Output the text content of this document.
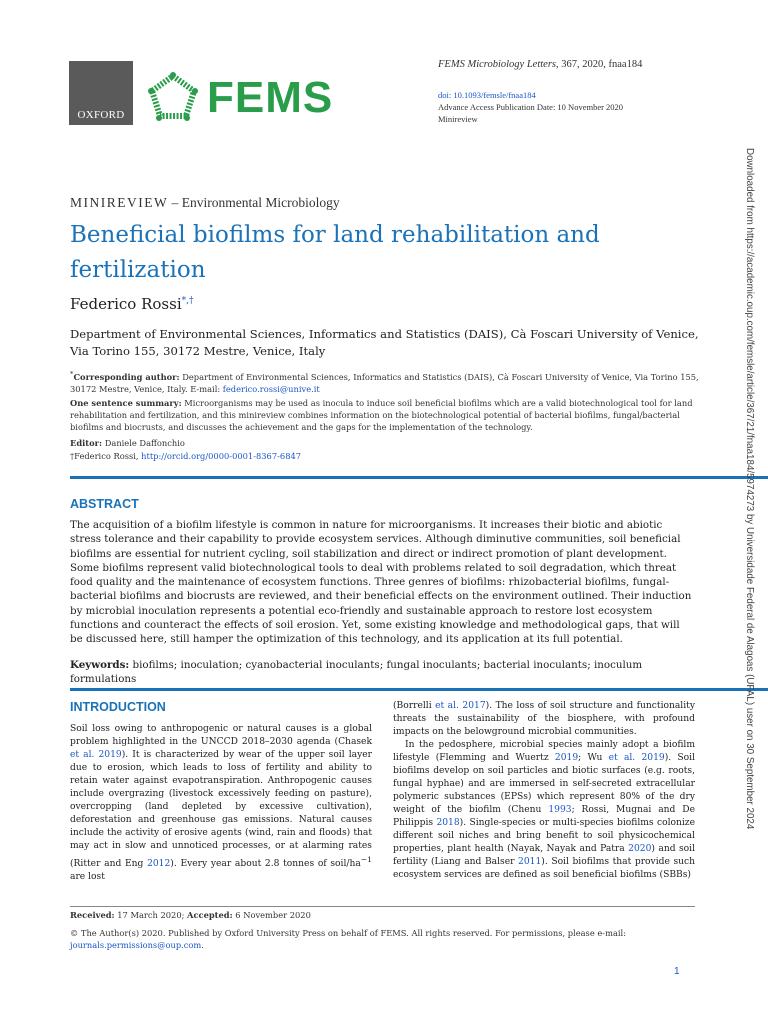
OXFORD FEMS
FEMS Microbiology Letters, 367, 2020, fnaa184
doi: 10.1093/femsle/fnaa184
Advance Access Publication Date: 10 November 2020
Minireview
MINIREVIEW – Environmental Microbiology
Beneficial biofilms for land rehabilitation and fertilization
Federico Rossi*,†
Department of Environmental Sciences, Informatics and Statistics (DAIS), Cà Foscari University of Venice, Via Torino 155, 30172 Mestre, Venice, Italy
*Corresponding author: Department of Environmental Sciences, Informatics and Statistics (DAIS), Cà Foscari University of Venice, Via Torino 155, 30172 Mestre, Venice, Italy. E-mail: federico.rossi@unive.it
One sentence summary: Microorganisms may be used as inocula to induce soil beneficial biofilms which are a valid biotechnological tool for land rehabilitation and fertilization, and this minireview combines information on the biotechnological potential of bacterial biofilms, fungal/bacterial biofilms and biocrusts, and discusses the achievement and the gaps for the implementation of the technology.
Editor: Daniele Daffonchio
†Federico Rossi, http://orcid.org/0000-0001-8367-6847
ABSTRACT
The acquisition of a biofilm lifestyle is common in nature for microorganisms. It increases their biotic and abiotic stress tolerance and their capability to provide ecosystem services. Although diminutive communities, soil beneficial biofilms are essential for nutrient cycling, soil stabilization and direct or indirect promotion of plant development. Some biofilms represent valid biotechnological tools to deal with problems related to soil degradation, which threat food quality and the maintenance of ecosystem functions. Three genres of biofilms: rhizobacterial biofilms, fungal-bacterial biofilms and biocrusts are reviewed, and their beneficial effects on the environment outlined. Their induction by microbial inoculation represents a potential eco-friendly and sustainable approach to restore lost ecosystem functions and counteract the effects of soil erosion. Yet, some existing knowledge and methodological gaps, that will be discussed here, still hamper the optimization of this technology, and its application at its full potential.
Keywords: biofilms; inoculation; cyanobacterial inoculants; fungal inoculants; bacterial inoculants; inoculum formulations
INTRODUCTION

Soil loss owing to anthropogenic or natural causes is a global problem highlighted in the UNCCD 2018–2030 agenda (Chasek et al. 2019). It is characterized by wear of the upper soil layer due to erosion, which leads to loss of fertility and ability to retain water against evapotranspiration. Anthropogenic causes include overgrazing (livestock excessively feeding on pasture), overcropping (land depleted by excessive cultivation), deforestation and greenhouse gas emissions. Natural causes include the activity of erosive agents (wind, rain and floods) that may act in slow and unnoticed processes, or at alarming rates (Ritter and Eng 2012). Every year about 2.8 tonnes of soil/$ha^{-1}$ are lost

(Borrelli et al. 2017). The loss of soil structure and functionality threats the sustainability of the biosphere, with profound impacts on the belowground microbial communities.

In the pedosphere, microbial species mainly adopt a biofilm lifestyle (Flemming and Wuertz 2019; Wu et al. 2019). Soil biofilms develop on soil particles and biotic surfaces (e.g. roots, fungal hyphae) and are immersed in self-secreted extracellular polymeric substances (EPSs) which represent 80% of the dry weight of the biofilm (Chenu 1993; Rossi, Mugnai and De Philippis 2018). Single-species or multi-species biofilms colonize different soil niches and bring benefit to soil physicochemical properties, plant health (Nayak, Nayak and Patra 2020) and soil fertility (Liang and Balser 2011). Soil biofilms that provide such ecosystem services are defined as soil beneficial biofilms (SBBs)

Received: 17 March 2020; Accepted: 6 November 2020
© The Author(s) 2020. Published by Oxford University Press on behalf of FEMS. All rights reserved. For permissions, please e-mail: journals.permissions@oup.com.
1
Downloaded from https://academic.oup.com/femsle/article/367/21/fnaa184/5974273 by Universidade Federal de Alagoas (UFAL) user on 30 September 2024
